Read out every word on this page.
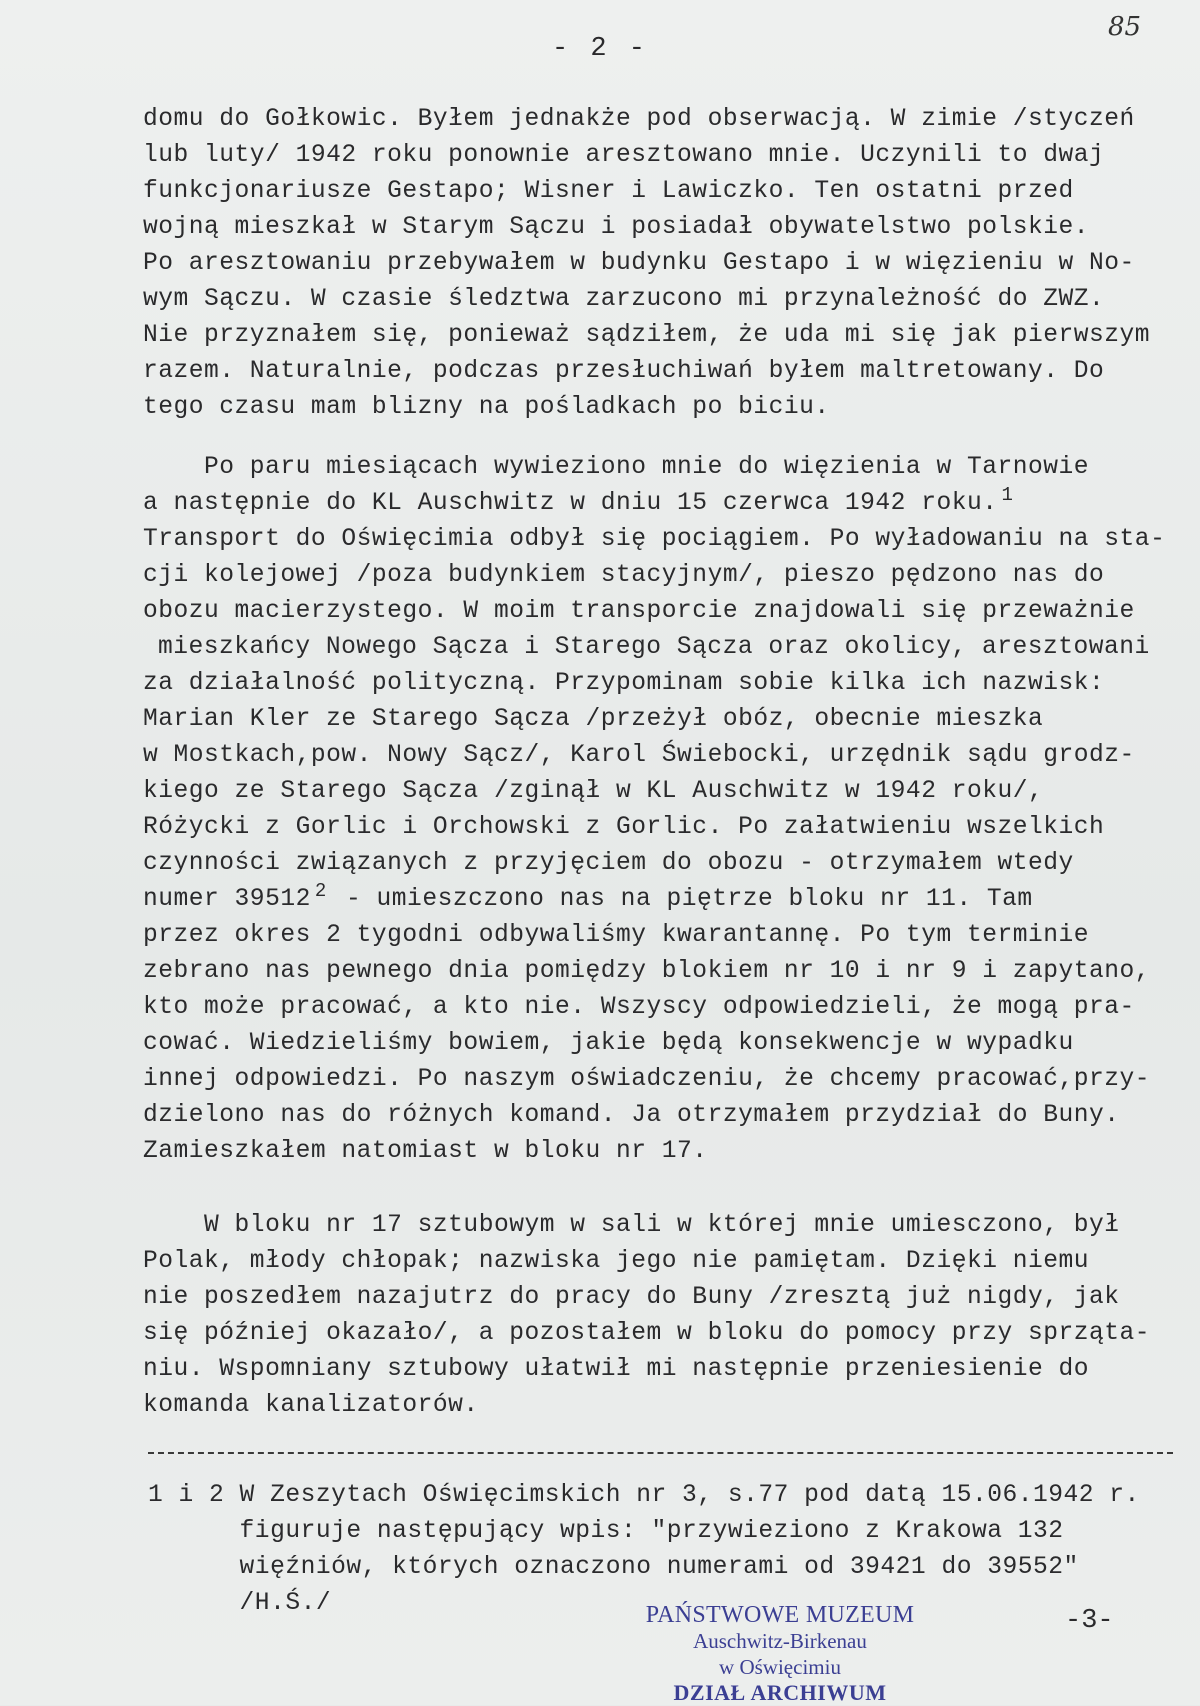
- 2 -
85
domu do Gołkowic. Byłem jednakże pod obserwacją. W zimie /styczeń
lub luty/ 1942 roku ponownie aresztowano mnie. Uczynili to dwaj
funkcjonariusze Gestapo; Wisner i Lawiczko. Ten ostatni przed
wojną mieszkał w Starym Sączu i posiadał obywatelstwo polskie.
Po aresztowaniu przebywałem w budynku Gestapo i w więzieniu w No-
wym Sączu. W czasie śledztwa zarzucono mi przynależność do ZWZ.
Nie przyznałem się, ponieważ sądziłem, że uda mi się jak pierwszym
razem. Naturalnie, podczas przesłuchiwań byłem maltretowany. Do
tego czasu mam blizny na pośladkach po biciu.
Po paru miesiącach wywieziono mnie do więzienia w Tarnowie
a następnie do KL Auschwitz w dniu 15 czerwca 1942 roku. $^1$
Transport do Oświęcimia odbył się pociągiem. Po wyładowaniu na sta-
cji kolejowej /poza budynkiem stacyjnym/, pieszo pędzono nas do
obozu macierzystego. W moim transporcie znajdowali się przeważnie
mieszkańcy Nowego Sącza i Starego Sącza oraz okolicy, aresztowani
za działalność polityczną. Przypominam sobie kilka ich nazwisk:
Marian Kler ze Starego Sącza /przeżył obóz, obecnie mieszka
w Mostkach,pow. Nowy Sącz/, Karol Świebocki, urzędnik sądu grodz-
kiego ze Starego Sącza /zginął w KL Auschwitz w 1942 roku/,
Różycki z Gorlic i Orchowski z Gorlic. Po załatwieniu wszelkich
czynności związanych z przyjęciem do obozu - otrzymałem wtedy
numer 39512 $^2$ - umieszczono nas na piętrze bloku nr 11. Tam
przez okres 2 tygodni odbywaliśmy kwarantannę. Po tym terminie
zebrano nas pewnego dnia pomiędzy blokiem nr 10 i nr 9 i zapytano,
kto może pracować, a kto nie. Wszyscy odpowiedzieli, że mogą pra-
cować. Wiedzieliśmy bowiem, jakie będą konsekwencje w wypadku
innej odpowiedzi. Po naszym oświadczeniu, że chcemy pracować,przy-
dzielono nas do różnych komand. Ja otrzymałem przydział do Buny.
Zamieszkałem natomiast w bloku nr 17.
W bloku nr 17 sztubowym w sali w której mnie umiesczono, był
Polak, młody chłopak; nazwiska jego nie pamiętam. Dzięki niemu
nie poszedłem nazajutrz do pracy do Buny /zresztą już nigdy, jak
się później okazało/, a pozostałem w bloku do pomocy przy sprząta-
niu. Wspomniany sztubowy ułatwił mi następnie przeniesienie do
komanda kanalizatorów.
1 i 2 W Zeszytach Oświęcimskich nr 3, s.77 pod datą 15.06.1942 r.
figuruje następujący wpis: "przywieziono z Krakowa 132
więźniów, których oznaczono numerami od 39421 do 39552"
/H.Ś./	PAŃSTWOWE MUZEUM
Auschwitz-Birkenau
w Oświęcimiu
DZIAŁ ARCHIWUM
-3-
